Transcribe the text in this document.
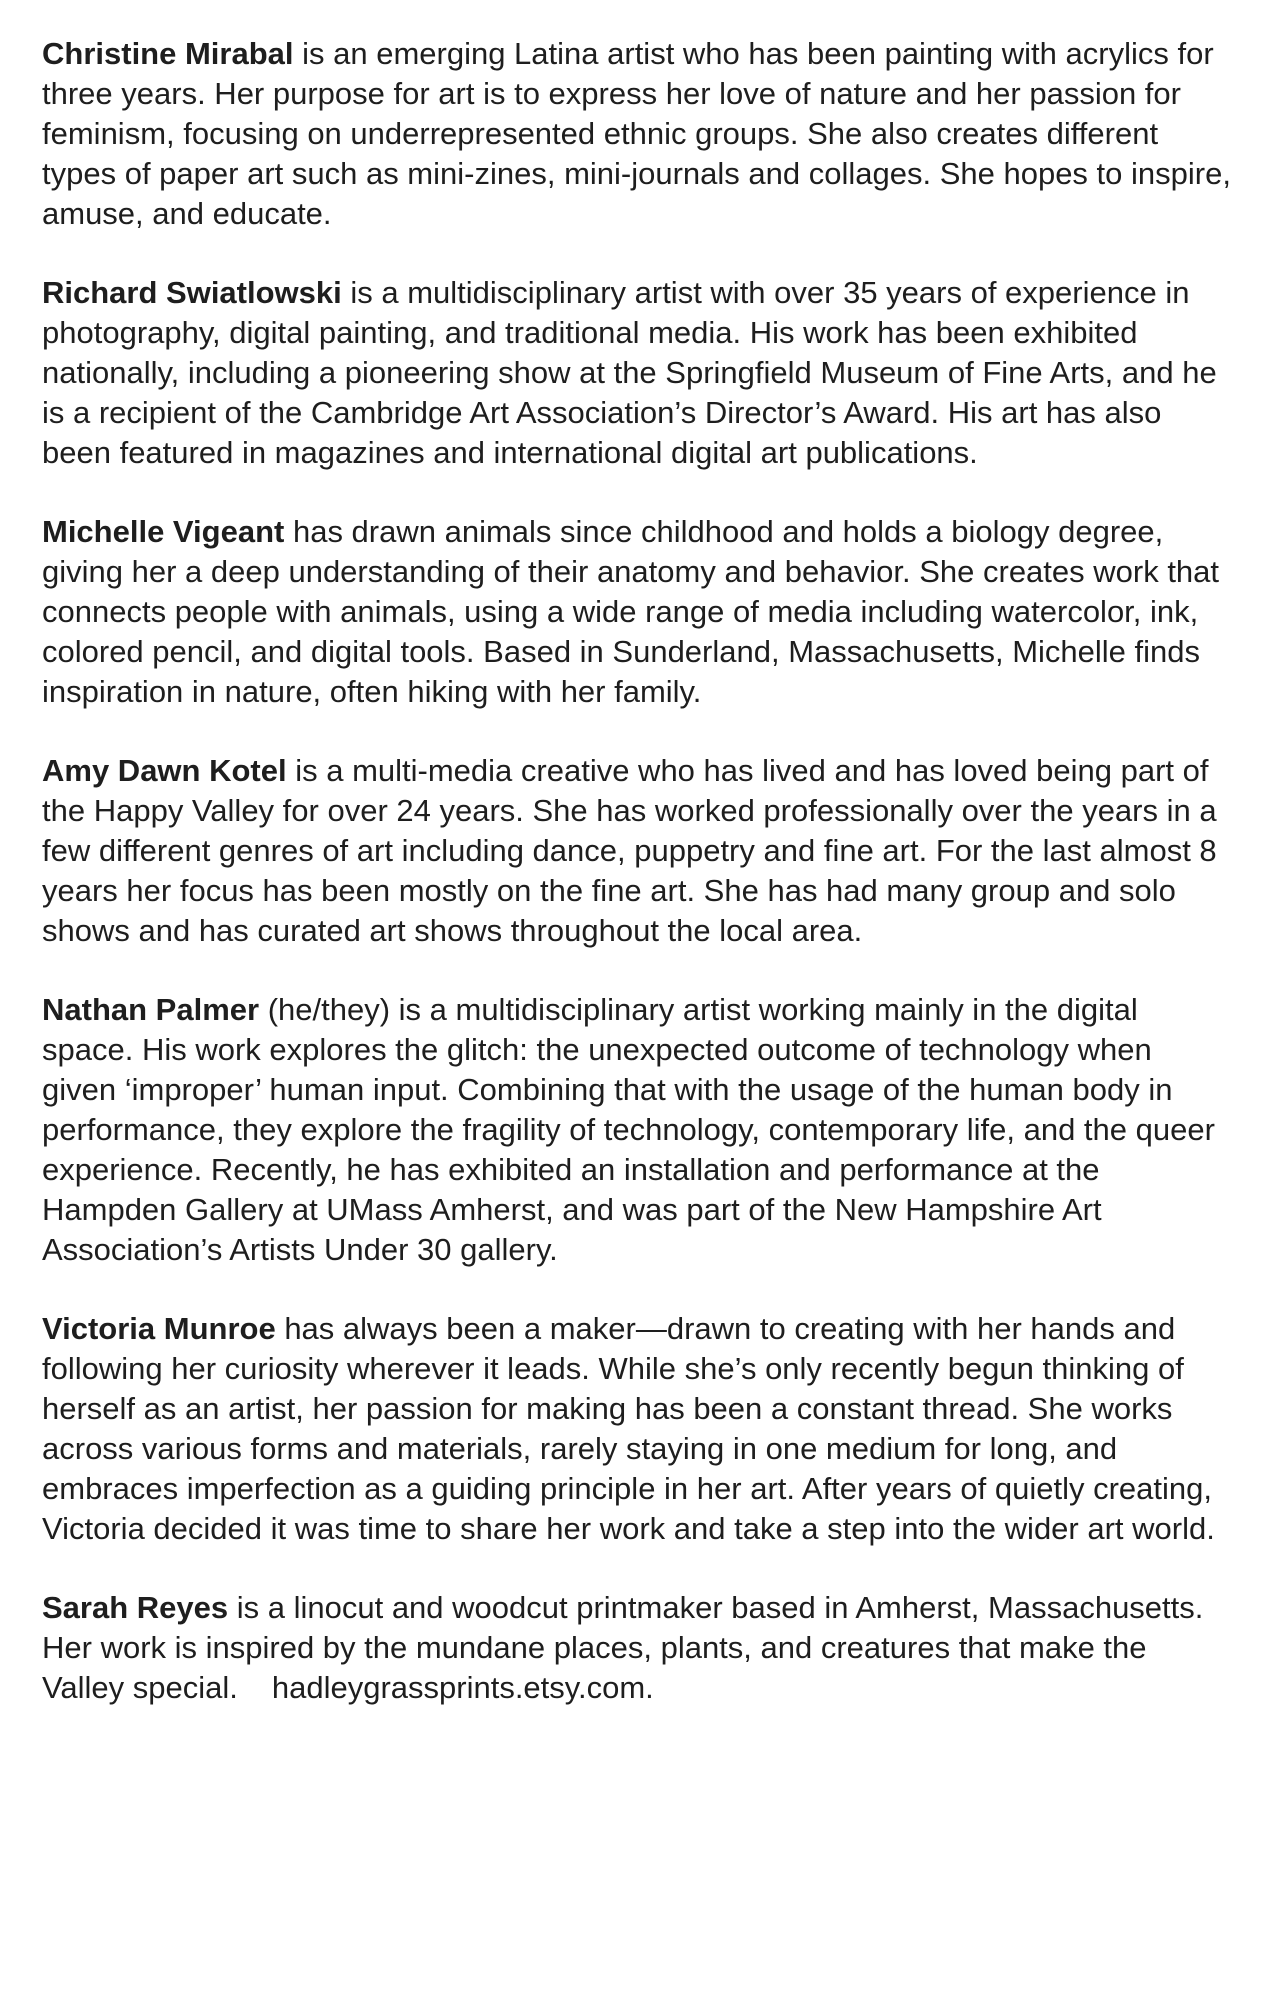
Christine Mirabal is an emerging Latina artist who has been painting with acrylics for three years. Her purpose for art is to express her love of nature and her passion for feminism, focusing on underrepresented ethnic groups. She also creates different types of paper art such as mini-zines, mini-journals and collages. She hopes to inspire, amuse, and educate.

Richard Swiatlowski is a multidisciplinary artist with over 35 years of experience in photography, digital painting, and traditional media. His work has been exhibited nationally, including a pioneering show at the Springfield Museum of Fine Arts, and he is a recipient of the Cambridge Art Association’s Director’s Award. His art has also been featured in magazines and international digital art publications.

Michelle Vigeant has drawn animals since childhood and holds a biology degree, giving her a deep understanding of their anatomy and behavior. She creates work that connects people with animals, using a wide range of media including watercolor, ink, colored pencil, and digital tools. Based in Sunderland, Massachusetts, Michelle finds inspiration in nature, often hiking with her family.

Amy Dawn Kotel is a multi-media creative who has lived and has loved being part of the Happy Valley for over 24 years. She has worked professionally over the years in a few different genres of art including dance, puppetry and fine art. For the last almost 8 years her focus has been mostly on the fine art. She has had many group and solo shows and has curated art shows throughout the local area.

Nathan Palmer (he/they) is a multidisciplinary artist working mainly in the digital space. His work explores the glitch: the unexpected outcome of technology when given ‘improper’ human input. Combining that with the usage of the human body in performance, they explore the fragility of technology, contemporary life, and the queer experience. Recently, he has exhibited an installation and performance at the Hampden Gallery at UMass Amherst, and was part of the New Hampshire Art Association’s Artists Under 30 gallery.

Victoria Munroe has always been a maker—drawn to creating with her hands and following her curiosity wherever it leads. While she’s only recently begun thinking of herself as an artist, her passion for making has been a constant thread. She works across various forms and materials, rarely staying in one medium for long, and embraces imperfection as a guiding principle in her art. After years of quietly creating, Victoria decided it was time to share her work and take a step into the wider art world.

Sarah Reyes is a linocut and woodcut printmaker based in Amherst, Massachusetts. Her work is inspired by the mundane places, plants, and creatures that make the Valley special. hadleygrassprints.etsy.com.
